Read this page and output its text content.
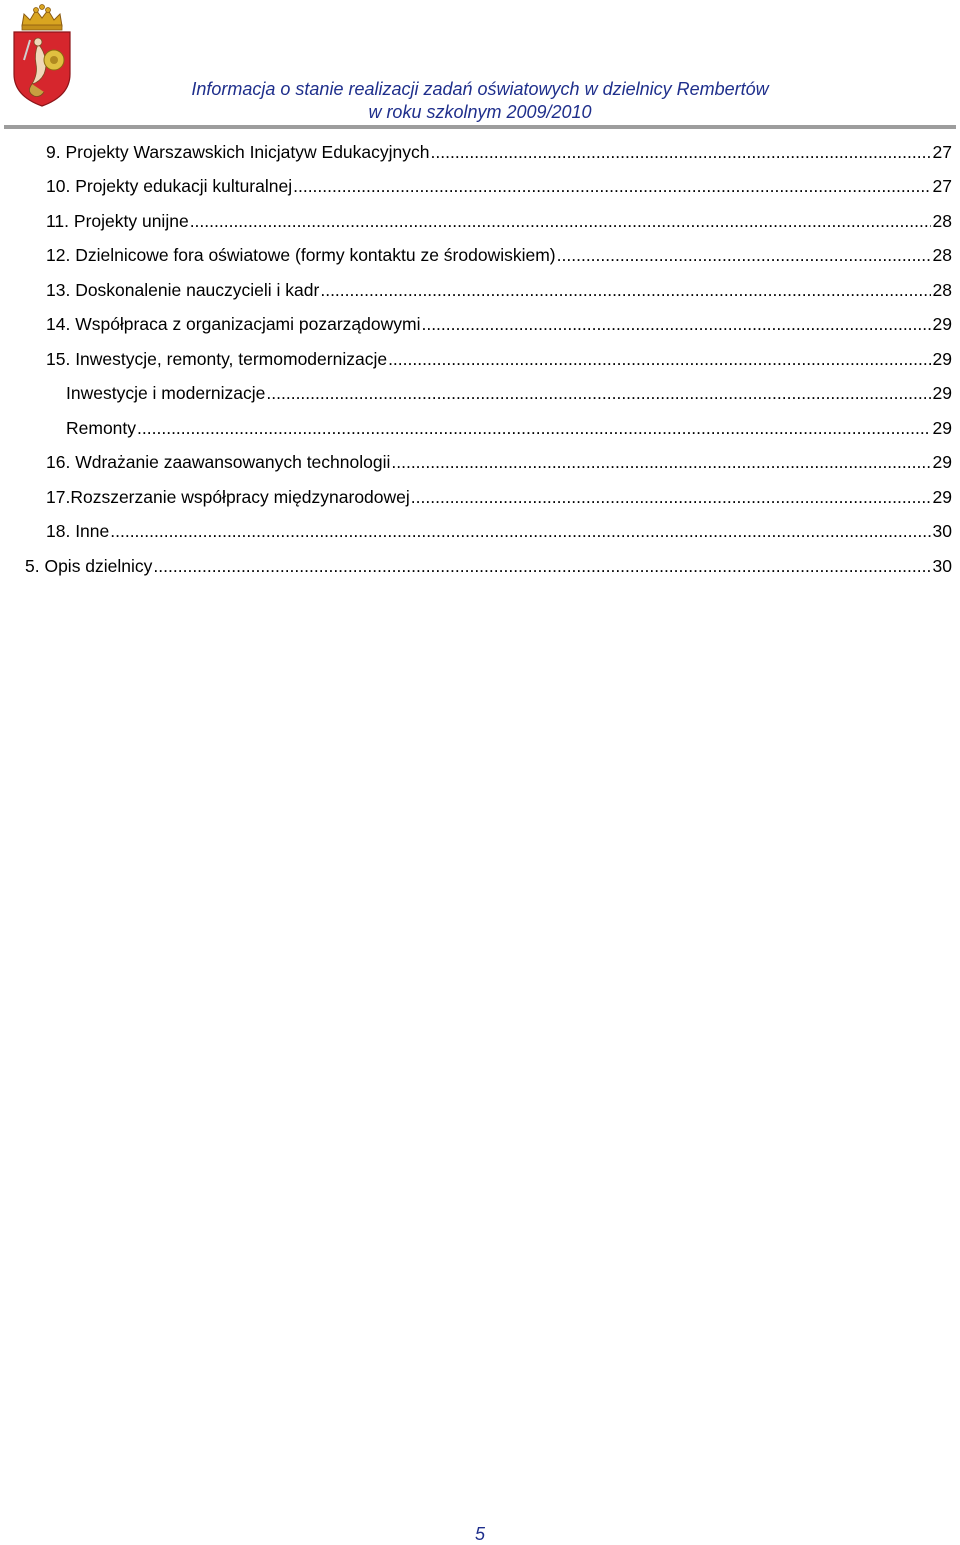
Informacja o stanie realizacji zadań oświatowych w dzielnicy Rembertów
w roku szkolnym 2009/2010
9. Projekty Warszawskich Inicjatyw Edukacyjnych .....	27
10. Projekty edukacji kulturalnej .....	27
11. Projekty unijne .....	28
12. Dzielnicowe fora oświatowe (formy kontaktu ze środowiskiem) .....	28
13. Doskonalenie nauczycieli i kadr .....	28
14. Współpraca z organizacjami pozarządowymi .....	29
15. Inwestycje, remonty, termomodernizacje .....	29
Inwestycje i modernizacje .....	29
Remonty .....	29
16. Wdrażanie zaawansowanych technologii .....	29
17.Rozszerzanie współpracy międzynarodowej .....	29
18. Inne .....	30
5. Opis dzielnicy .....	30
5
